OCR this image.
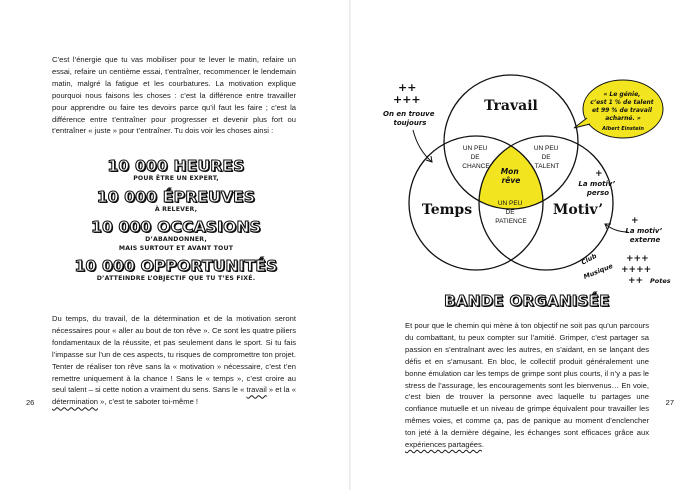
C’est l’énergie que tu vas mobiliser pour te lever le matin, refaire un essai, refaire un centième essai, t’entraîner, recommencer le lendemain matin, malgré la fatigue et les courbatures. La motivation explique pourquoi nous faisons les choses : c’est la différence entre travailler pour apprendre ou faire tes devoirs parce qu’il faut les faire ; c’est la différence entre t’entraîner pour progresser et devenir plus fort ou t’entraîner « juste » pour t’entraîner. Tu dois voir les choses ainsi :

10 000 HEURES
POUR ÊTRE UN EXPERT,
10 000 ÉPREUVES
À RELEVER,
10 000 OCCASIONS
D’ABANDONNER,
MAIS SURTOUT ET AVANT TOUT
10 000 OPPORTUNITÉS
D’ATTEINDRE L’OBJECTIF QUE TU T’ES FIXÉ.

Du temps, du travail, de la détermination et de la motivation seront nécessaires pour « aller au bout de ton rêve ». Ce sont les quatre piliers fondamentaux de la réussite, et pas seulement dans le sport. Si tu fais l’impasse sur l’un de ces aspects, tu risques de compromettre ton projet. Tenter de réaliser ton rêve sans la « motivation » nécessaire, c’est t’en remettre uniquement à la chance ! Sans le « temps », c’est croire au seul talent – si cette notion a vraiment du sens. Sans le « travail » et la « détermination », c’est te saboter toi-même !

26
Travail
Temps	Motiv’
UN PEU DE CHANCE
UN PEU DE TALENT
UN PEU DE PATIENCE
Mon rêve
++
+++
On en trouve toujours
« Le génie, c’est 1 % de talent et 99 % de travail acharné. »
Albert Einstein
+
La motiv’ perso
+
La motiv’ externe
Club
Musique
+++
++++
++ Potes
BANDE ORGANISÉE

Et pour que le chemin qui mène à ton objectif ne soit pas qu’un parcours du combattant, tu peux compter sur l’amitié. Grimper, c’est partager sa passion en s’entraînant avec les autres, en s’aidant, en se lançant des défis et en s’amusant. En bloc, le collectif produit généralement une bonne émulation car les temps de grimpe sont plus courts, il n’y a pas le stress de l’assurage, les encouragements sont les bienvenus… En voie, c’est bien de trouver la personne avec laquelle tu partages une confiance mutuelle et un niveau de grimpe équivalent pour travailler les mêmes voies, et comme ça, pas de panique au moment d’enclencher ton jeté à la dernière dégaine, les échanges sont efficaces grâce aux expériences partagées.

27
